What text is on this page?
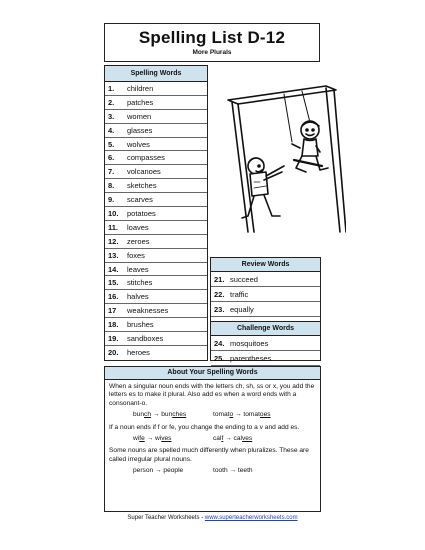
Spelling List D-12
More Plurals
Spelling Words
1. children
2. patches
3. women
4. glasses
5. wolves
6. compasses
7. volcanoes
8. sketches
9. scarves
10. potatoes
11. loaves
12. zeroes
13. foxes
14. leaves
15. stitches
16. halves
17 weaknesses
18. brushes
19. sandboxes
20. heroes
Review Words
21. succeed
22. traffic
23. equally
Challenge Words
24. mosquitoes
25. parentheses
About Your Spelling Words

When a singular noun ends with the letters ch, sh, ss or x, you add the letters es to make it plural. Also add es when a word ends with a consonant-o.

bunch → bunches	tomato → tomatoes

If a noun ends if f or fe, you change the ending to a v and add es.

wife → wives	calf → calves

Some nouns are spelled much differently when pluralizes. These are called irregular plural nouns.

person → people	tooth → teeth
Super Teacher Worksheets - www.superteacherworksheets.com
